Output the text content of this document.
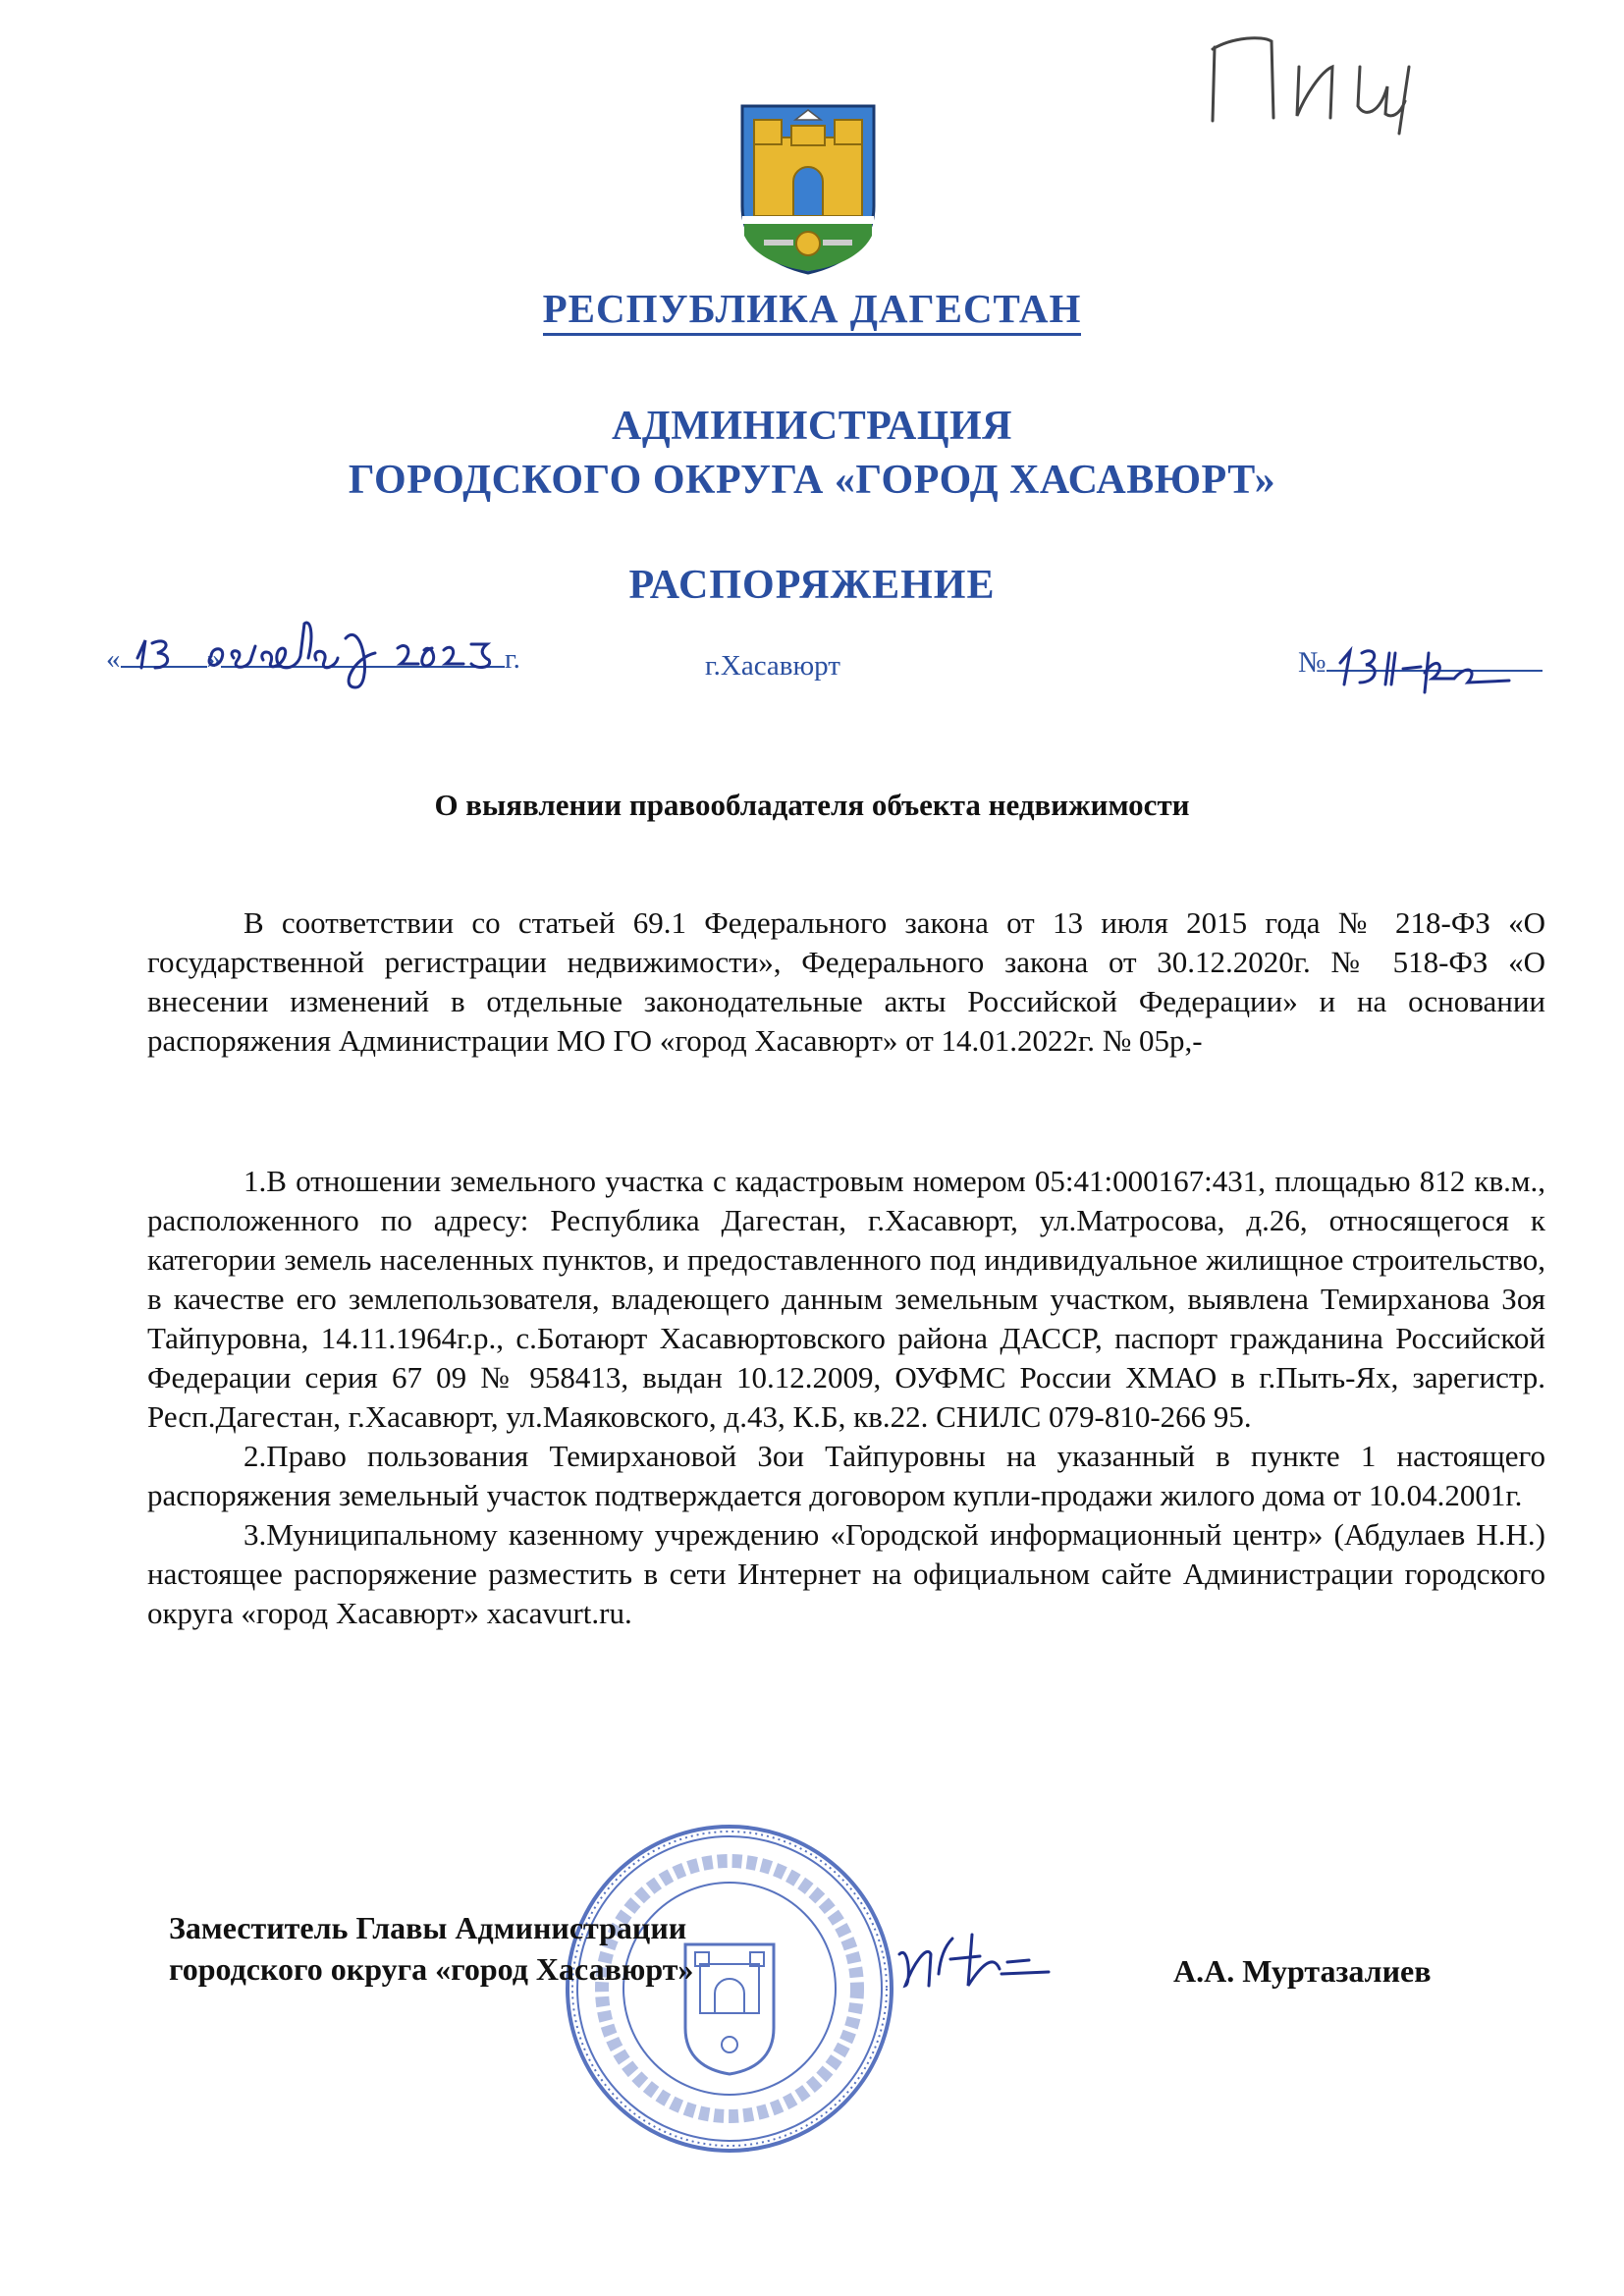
РЕСПУБЛИКА ДАГЕСТАН
АДМИНИСТРАЦИЯ
ГОРОДСКОГО ОКРУГА «ГОРОД ХАСАВЮРТ»
РАСПОРЯЖЕНИЕ
«	»	г.	г.Хасавюрт	№
О выявлении правообладателя объекта недвижимости

В соответствии со статьей 69.1 Федерального закона от 13 июля 2015 года № 218-ФЗ «О государственной регистрации недвижимости», Федерального закона от 30.12.2020г. № 518-ФЗ «О внесении изменений в отдельные законодательные акты Российской Федерации» и на основании распоряжения Администрации МО ГО «город Хасавюрт» от 14.01.2022г. № 05р,-

1.В отношении земельного участка с кадастровым номером 05:41:000167:431, площадью 812 кв.м., расположенного по адресу: Республика Дагестан, г.Хасавюрт, ул.Матросова, д.26, относящегося к категории земель населенных пунктов, и предоставленного под индивидуальное жилищное строительство, в качестве его землепользователя, владеющего данным земельным участком, выявлена Темирханова Зоя Тайпуровна, 14.11.1964г.р., с.Ботаюрт Хасавюртовского района ДАССР, паспорт гражданина Российской Федерации серия 67 09 № 958413, выдан 10.12.2009, ОУФМС России ХМАО в г.Пыть-Ях, зарегистр. Респ.Дагестан, г.Хасавюрт, ул.Маяковского, д.43, К.Б, кв.22. СНИЛС 079-810-266 95.

2.Право пользования Темирхановой Зои Тайпуровны на указанный в пункте 1 настоящего распоряжения земельный участок подтверждается договором купли-продажи жилого дома от 10.04.2001г.

3.Муниципальному казенному учреждению «Городской информационный центр» (Абдулаев Н.Н.) настоящее распоряжение разместить в сети Интернет на официальном сайте Администрации городского округа «город Хасавюрт» xacavurt.ru.

Заместитель Главы Администрации
городского округа «город Хасавюрт»	А.А. Муртазалиев
